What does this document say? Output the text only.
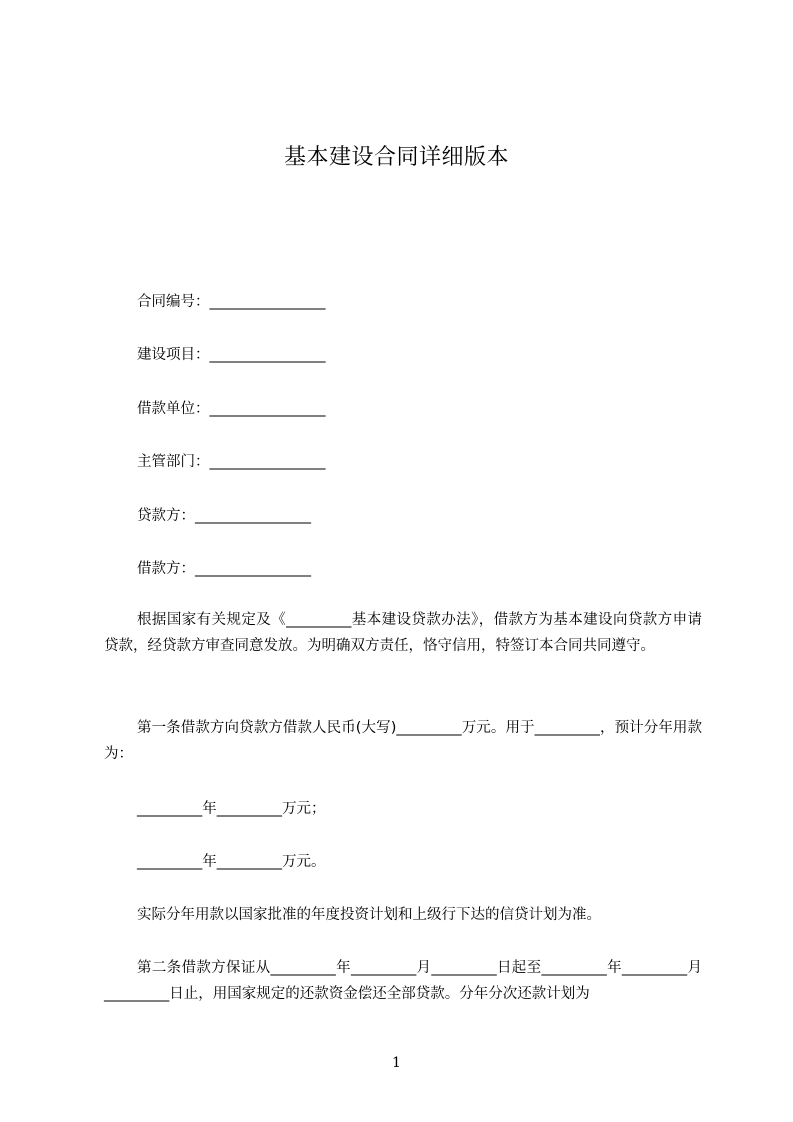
基本建设合同详细版本
合同编号：________________
建设项目：________________
借款单位：________________
主管部门：________________
贷款方：________________
借款方：________________
根据国家有关规定及《_________基本建设贷款办法》，借款方为基本建设向贷款方申请贷款，经贷款方审查同意发放。为明确双方责任，恪守信用，特签订本合同共同遵守。
第一条借款方向贷款方借款人民币(大写)_________万元。用于_________，预计分年用款为：
_________年_________万元；
_________年_________万元。
实际分年用款以国家批准的年度投资计划和上级行下达的信贷计划为准。
第二条借款方保证从_________年_________月_________日起至_________年_________月_________日止，用国家规定的还款资金偿还全部贷款。分年分次还款计划为
1
